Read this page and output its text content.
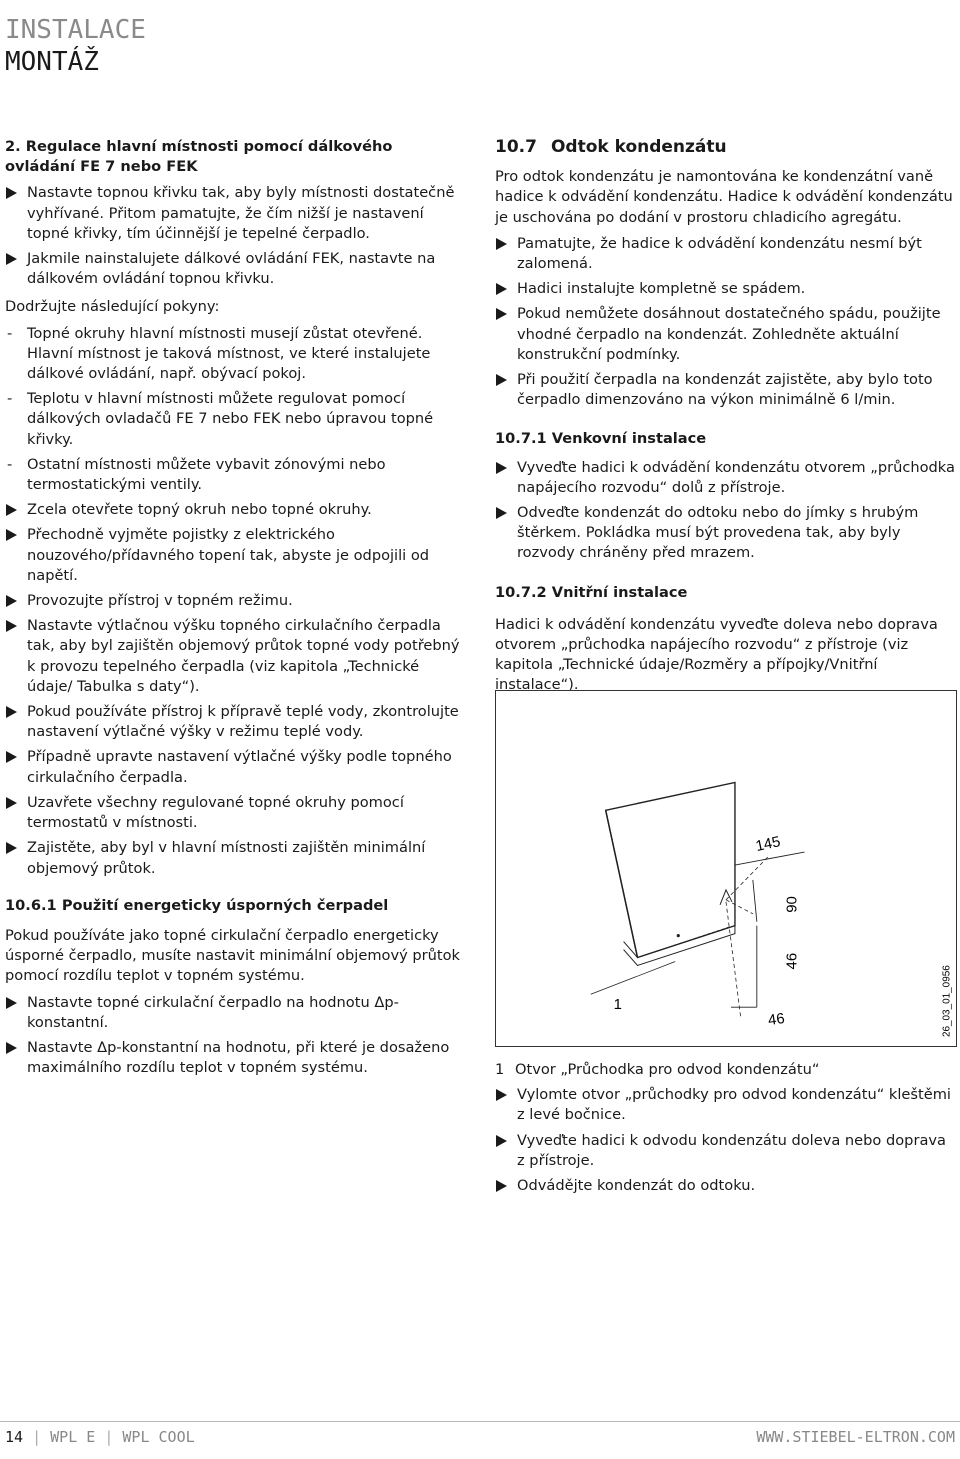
INSTALACE
MONTÁŽ

2. Regulace hlavní místnosti pomocí dálkového ovládání FE 7 nebo FEK

Nastavte topnou křivku tak, aby byly místnosti dostatečně vyhřívané. Přitom pamatujte, že čím nižší je nastavení topné křivky, tím účinnější je tepelné čerpadlo.
Jakmile nainstalujete dálkové ovládání FEK, nastavte na dálkovém ovládání topnou křivku.

Dodržujte následující pokyny:

- Topné okruhy hlavní místnosti musejí zůstat otevřené. Hlavní místnost je taková místnost, ve které instalujete dálkové ovládání, např. obývací pokoj.
- Teplotu v hlavní místnosti můžete regulovat pomocí dálkových ovladačů FE 7 nebo FEK nebo úpravou topné křivky.
- Ostatní místnosti můžete vybavit zónovými nebo termostatickými ventily.
Zcela otevřete topný okruh nebo topné okruhy.
Přechodně vyjměte pojistky z elektrického nouzového/přídavného topení tak, abyste je odpojili od napětí.
Provozujte přístroj v topném režimu.
Nastavte výtlačnou výšku topného cirkulačního čerpadla tak, aby byl zajištěn objemový průtok topné vody potřebný k provozu tepelného čerpadla (viz kapitola „Technické údaje/ Tabulka s daty“).
Pokud používáte přístroj k přípravě teplé vody, zkontrolujte nastavení výtlačné výšky v režimu teplé vody.
Případně upravte nastavení výtlačné výšky podle topného cirkulačního čerpadla.
Uzavřete všechny regulované topné okruhy pomocí termostatů v místnosti.
Zajistěte, aby byl v hlavní místnosti zajištěn minimální objemový průtok.

10.6.1 Použití energeticky úsporných čerpadel

Pokud používáte jako topné cirkulační čerpadlo energeticky úsporné čerpadlo, musíte nastavit minimální objemový průtok pomocí rozdílu teplot v topném systému.

Nastavte topné cirkulační čerpadlo na hodnotu Δp-konstantní.
Nastavte Δp-konstantní na hodnotu, při které je dosaženo maximálního rozdílu teplot v topném systému.
10.7 Odtok kondenzátu

Pro odtok kondenzátu je namontována ke kondenzátní vaně hadice k odvádění kondenzátu. Hadice k odvádění kondenzátu je uschována po dodání v prostoru chladicího agregátu.

Pamatujte, že hadice k odvádění kondenzátu nesmí být zalomená.
Hadici instalujte kompletně se spádem.
Pokud nemůžete dosáhnout dostatečného spádu, použijte vhodné čerpadlo na kondenzát. Zohledněte aktuální konstrukční podmínky.
Při použití čerpadla na kondenzát zajistěte, aby bylo toto čerpadlo dimenzováno na výkon minimálně 6 l/min.

10.7.1 Venkovní instalace

Vyveďte hadici k odvádění kondenzátu otvorem „průchodka napájecího rozvodu“ dolů z přístroje.
Odveďte kondenzát do odtoku nebo do jímky s hrubým štěrkem. Pokládka musí být provedena tak, aby byly rozvody chráněny před mrazem.

10.7.2 Vnitřní instalace

Hadici k odvádění kondenzátu vyveďte doleva nebo doprava otvorem „průchodka napájecího rozvodu“ z přístroje (viz kapitola „Technické údaje/Rozměry a přípojky/Vnitřní instalace“).

145
90
46
46
1	26_03_01_0956
1 Otvor „Průchodka pro odvod kondenzátu“
Vylomte otvor „průchodky pro odvod kondenzátu“ kleštěmi z levé bočnice.
Vyveďte hadici k odvodu kondenzátu doleva nebo doprava z přístroje.
Odvádějte kondenzát do odtoku.
14 | WPL E | WPL COOL	WWW.STIEBEL-ELTRON.COM
